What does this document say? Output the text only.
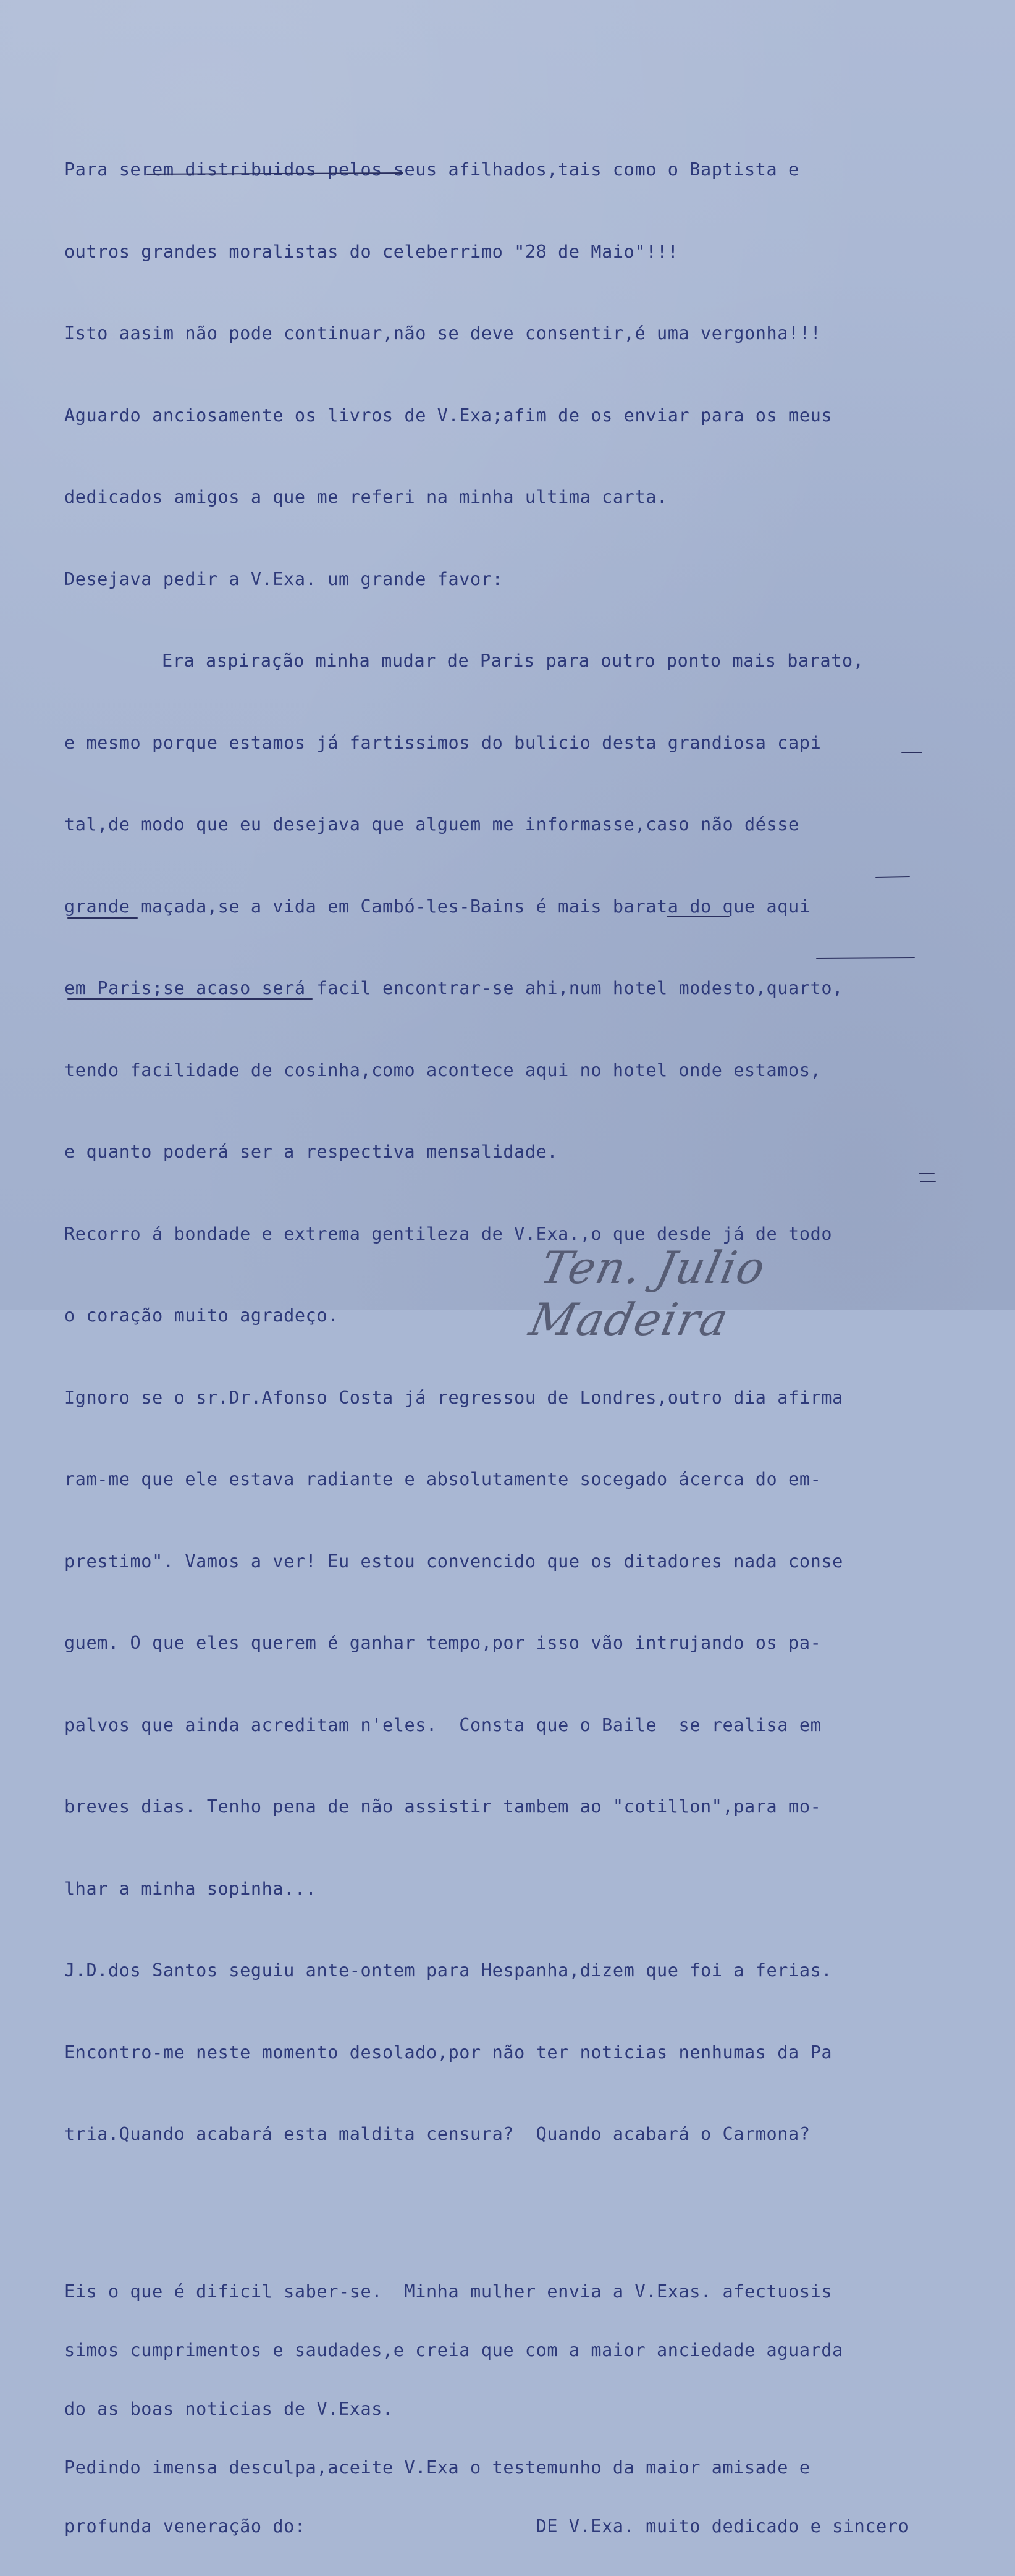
Para serem distribuidos pelos seus afilhados,tais como o Baptista e

outros grandes moralistas do celeberrimo "28 de Maio"!!!

Isto aasim não pode continuar,não se deve consentir,é uma vergonha!!!

Aguardo anciosamente os livros de V.Exa;afim de os enviar para os meus

dedicados amigos a que me referi na minha ultima carta.

Desejava pedir a V.Exa. um grande favor:

Era aspiração minha mudar de Paris para outro ponto mais barato,

e mesmo porque estamos já fartissimos do bulicio desta grandiosa capi

tal,de modo que eu desejava que alguem me informasse,caso não désse

grande maçada,se a vida em Cambó-les-Bains é mais barata do que aqui

em Paris;se acaso será facil encontrar-se ahi,num hotel modesto,quarto,

tendo facilidade de cosinha,como acontece aqui no hotel onde estamos,

e quanto poderá ser a respectiva mensalidade.

Recorro á bondade e extrema gentileza de V.Exa.,o que desde já de todo

o coração muito agradeço.

Ignoro se o sr.Dr.Afonso Costa já regressou de Londres,outro dia afirma

ram-me que ele estava radiante e absolutamente socegado ácerca do em-

prestimo". Vamos a ver! Eu estou convencido que os ditadores nada conse

guem. O que eles querem é ganhar tempo,por isso vão intrujando os pa-

palvos que ainda acreditam n'eles.  Consta que o Baile  se realisa em

breves dias. Tenho pena de não assistir tambem ao "cotillon",para mo-

lhar a minha sopinha...

J.D.dos Santos seguiu ante-ontem para Hespanha,dizem que foi a ferias.

Encontro-me neste momento desolado,por não ter noticias nenhumas da Pa

tria.Quando acabará esta maldita censura?  Quando acabará o Carmona?

Eis o que é dificil saber-se.  Minha mulher envia a V.Exas. afectuosis

simos cumprimentos e saudades,e creia que com a maior anciedade aguarda

do as boas noticias de V.Exas.

Pedindo imensa desculpa,aceite V.Exa o testemunho da maior amisade e

profunda veneração do:                     DE V.Exa. muito dedicado e sincero

Ten. Julio Madeira
